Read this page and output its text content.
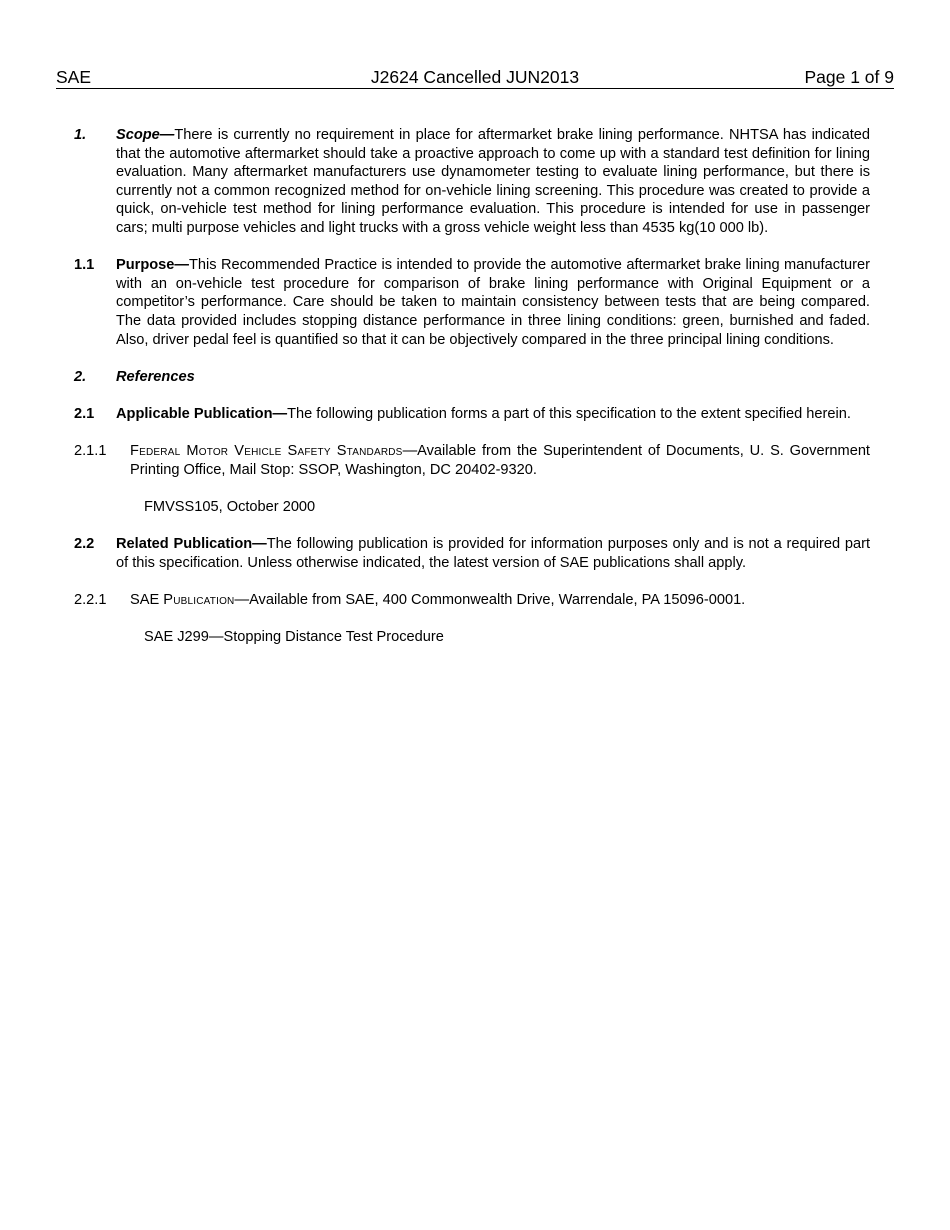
SAE	J2624 Cancelled JUN2013	Page 1 of 9
1.	Scope—There is currently no requirement in place for aftermarket brake lining performance. NHTSA has indicated that the automotive aftermarket should take a proactive approach to come up with a standard test definition for lining evaluation. Many aftermarket manufacturers use dynamometer testing to evaluate lining performance, but there is currently not a common recognized method for on-vehicle lining screening. This procedure was created to provide a quick, on-vehicle test method for lining performance evaluation. This procedure is intended for use in passenger cars; multi purpose vehicles and light trucks with a gross vehicle weight less than 4535 kg(10 000 lb).
1.1	Purpose—This Recommended Practice is intended to provide the automotive aftermarket brake lining manufacturer with an on-vehicle test procedure for comparison of brake lining performance with Original Equipment or a competitor’s performance. Care should be taken to maintain consistency between tests that are being compared. The data provided includes stopping distance performance in three lining conditions: green, burnished and faded. Also, driver pedal feel is quantified so that it can be objectively compared in the three principal lining conditions.
2.	References
2.1	Applicable Publication—The following publication forms a part of this specification to the extent specified herein.
2.1.1	Federal Motor Vehicle Safety Standards—Available from the Superintendent of Documents, U. S. Government Printing Office, Mail Stop: SSOP, Washington, DC 20402-9320.
FMVSS105, October 2000
2.2	Related Publication—The following publication is provided for information purposes only and is not a required part of this specification. Unless otherwise indicated, the latest version of SAE publications shall apply.
2.2.1	SAE Publication—Available from SAE, 400 Commonwealth Drive, Warrendale, PA 15096-0001.
SAE J299—Stopping Distance Test Procedure
